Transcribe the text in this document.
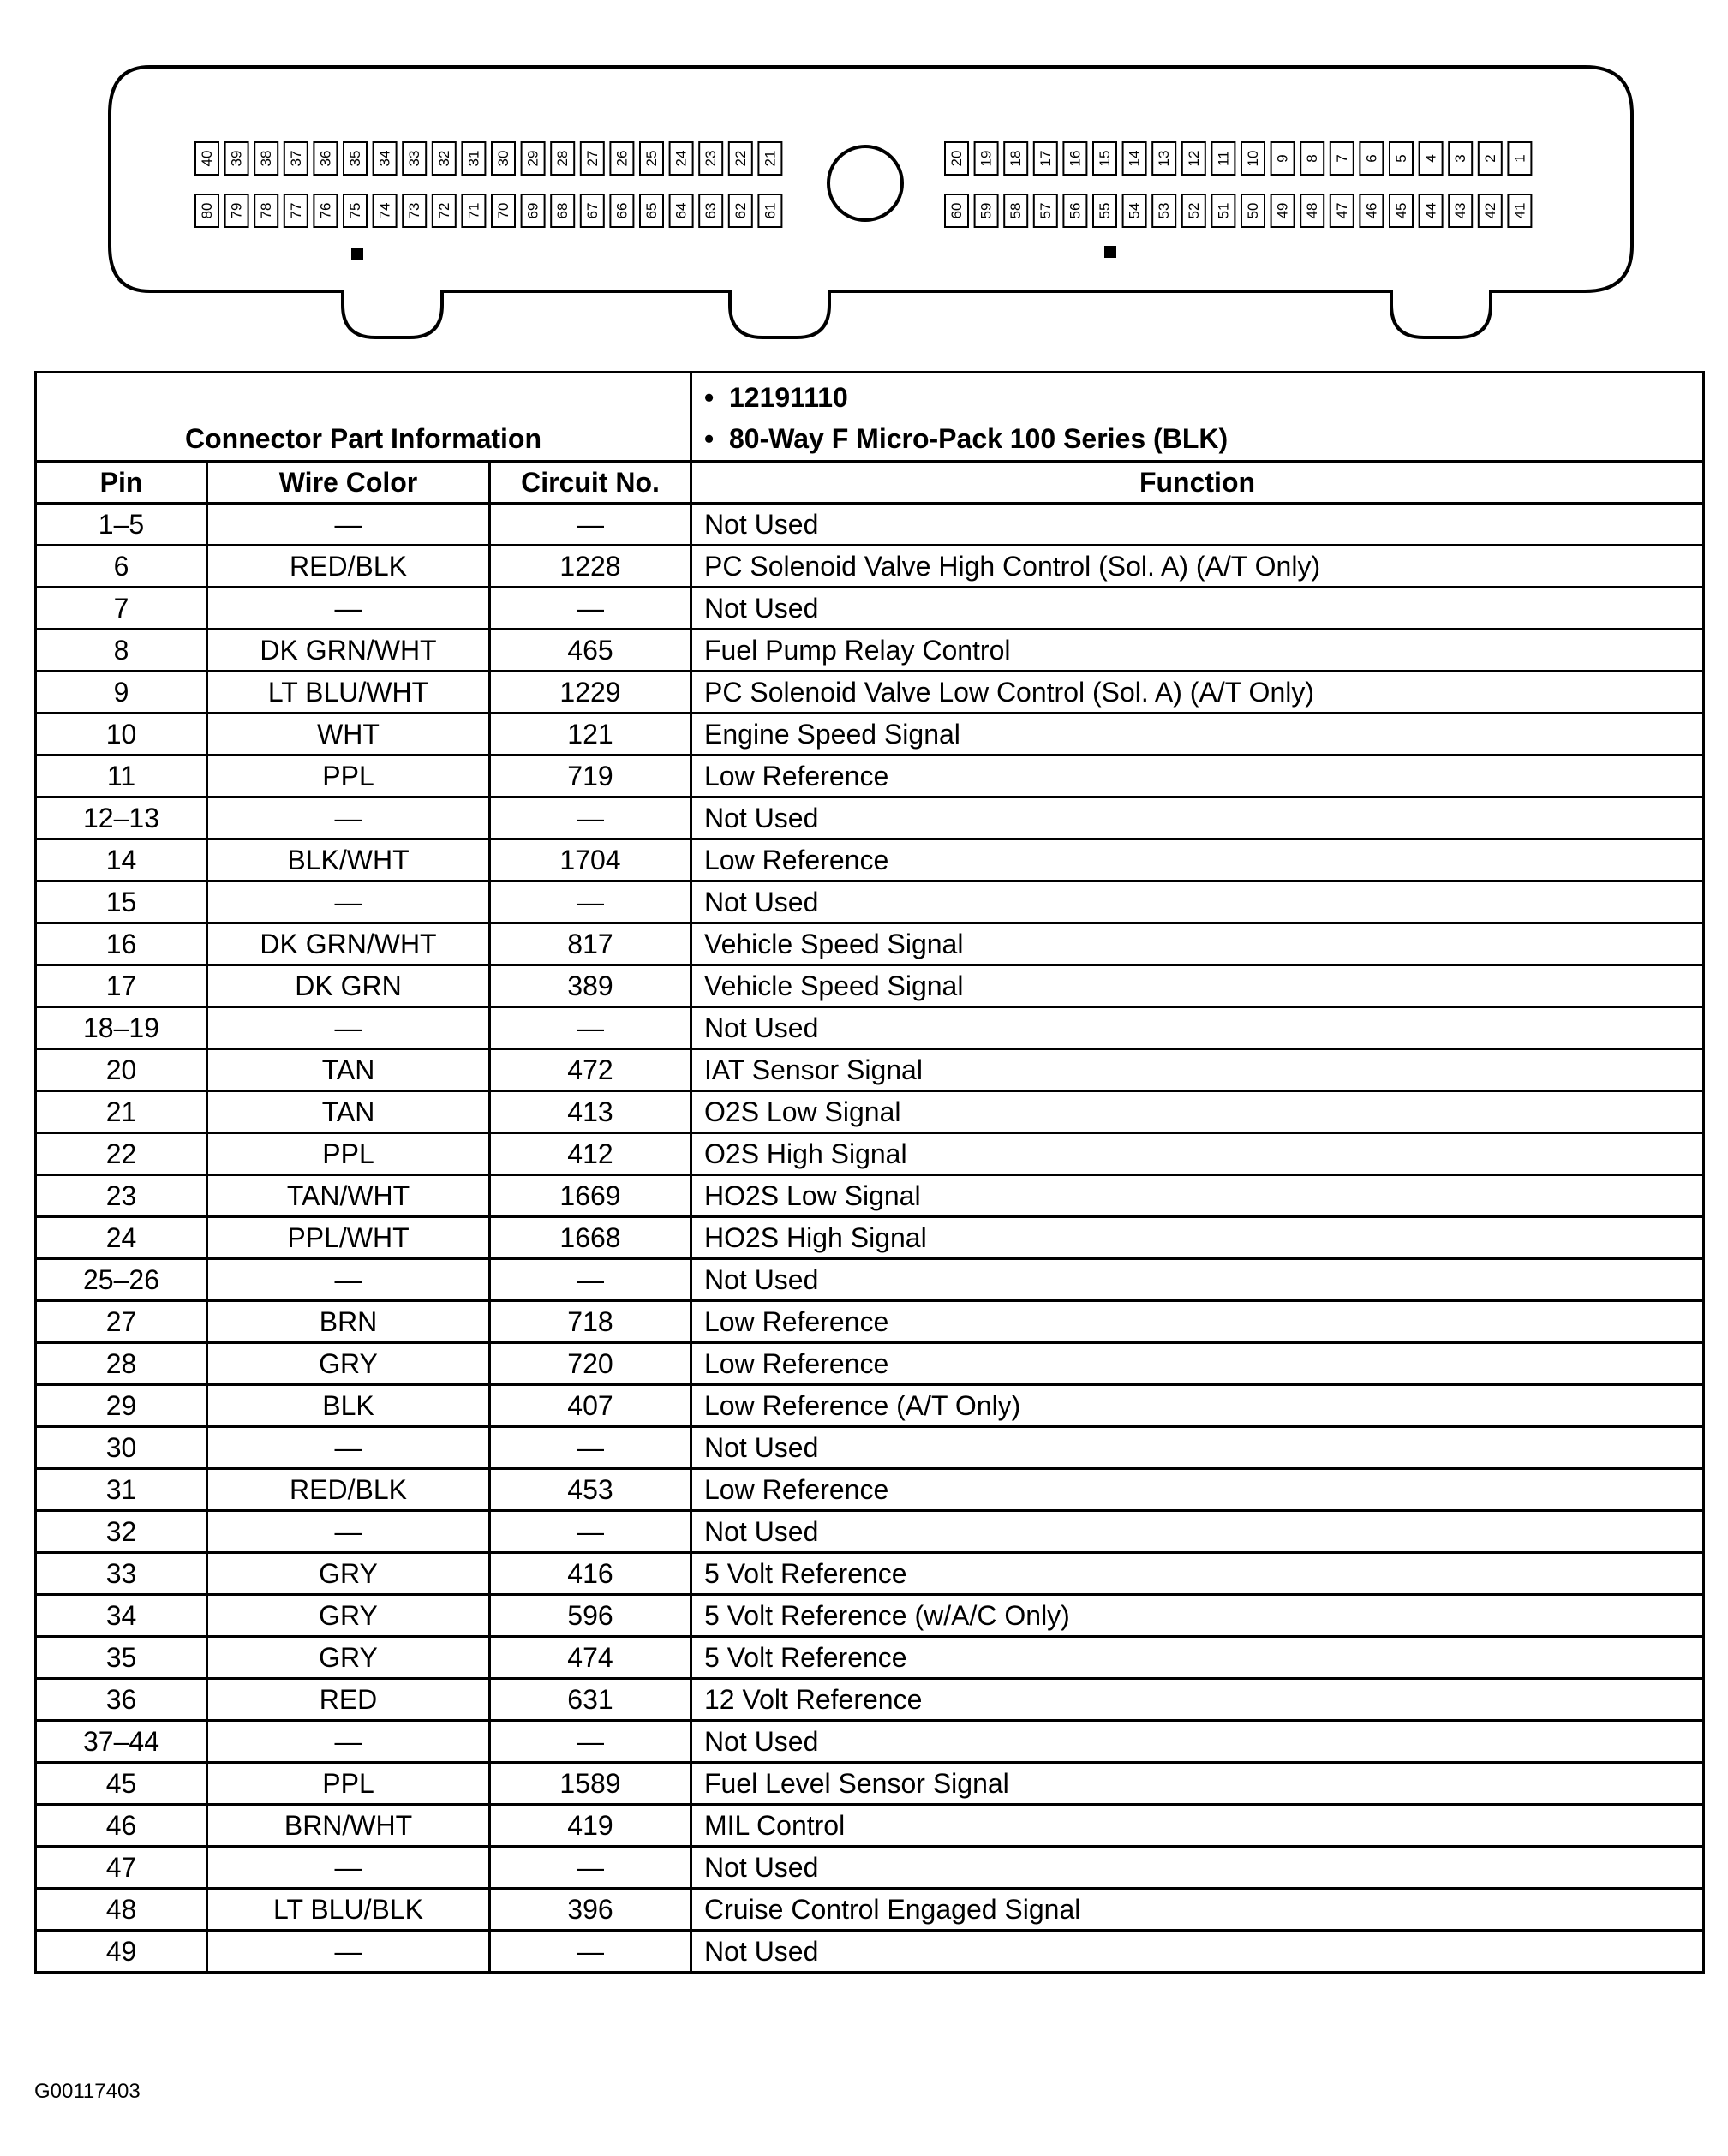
40 39 38 37 36 35 34 33 32 31 30 29 28 27 26 25 24 23 22 21	20 19 18 17 16 15 14 13 12 11 10 9 8 7 6 5 4 3 2 1
80 79 78 77 76 75 74 73 72 71 70 69 68 67 66 65 64 63 62 61	60 59 58 57 56 55 54 53 52 51 50 49 48 47 46 45 44 43 42 41
Connector Part Information			•  12191110
•  80-Way F Micro-Pack 100 Series (BLK)

Pin	Wire Color	Circuit No.	Function
1–5	—	—	Not Used
6	RED/BLK	1228	PC Solenoid Valve High Control (Sol. A) (A/T Only)
7	—	—	Not Used
8	DK GRN/WHT	465	Fuel Pump Relay Control
9	LT BLU/WHT	1229	PC Solenoid Valve Low Control (Sol. A) (A/T Only)
10	WHT	121	Engine Speed Signal
11	PPL	719	Low Reference
12–13	—	—	Not Used
14	BLK/WHT	1704	Low Reference
15	—	—	Not Used
16	DK GRN/WHT	817	Vehicle Speed Signal
17	DK GRN	389	Vehicle Speed Signal
18–19	—	—	Not Used
20	TAN	472	IAT Sensor Signal
21	TAN	413	O2S Low Signal
22	PPL	412	O2S High Signal
23	TAN/WHT	1669	HO2S Low Signal
24	PPL/WHT	1668	HO2S High Signal
25–26	—	—	Not Used
27	BRN	718	Low Reference
28	GRY	720	Low Reference
29	BLK	407	Low Reference (A/T Only)
30	—	—	Not Used
31	RED/BLK	453	Low Reference
32	—	—	Not Used
33	GRY	416	5 Volt Reference
34	GRY	596	5 Volt Reference (w/A/C Only)
35	GRY	474	5 Volt Reference
36	RED	631	12 Volt Reference
37–44	—	—	Not Used
45	PPL	1589	Fuel Level Sensor Signal
46	BRN/WHT	419	MIL Control
47	—	—	Not Used
48	LT BLU/BLK	396	Cruise Control Engaged Signal
49	—	—	Not Used
G00117403
